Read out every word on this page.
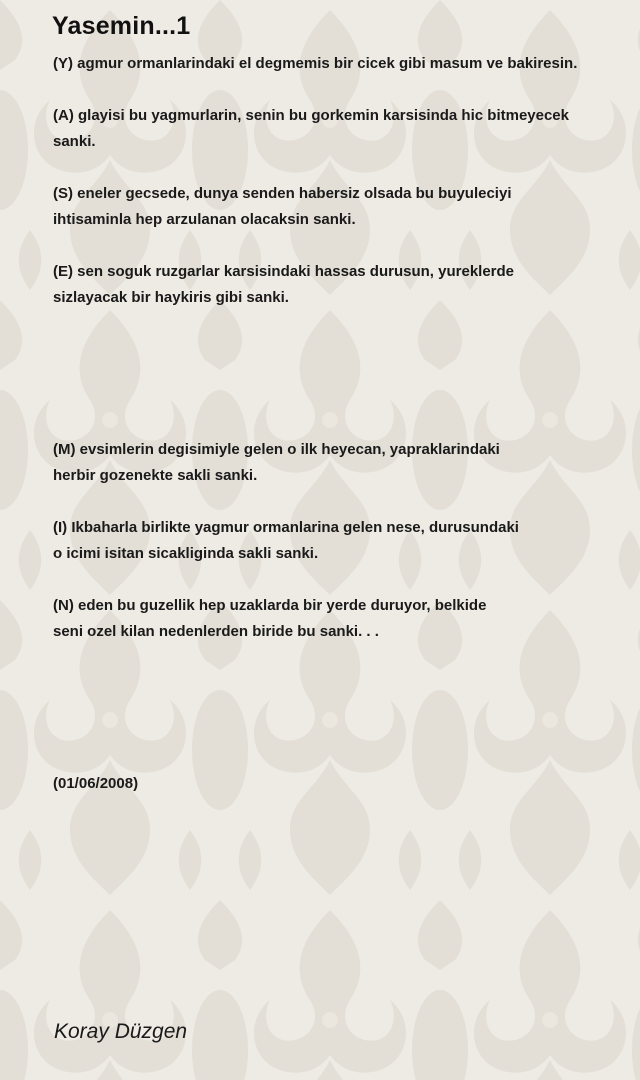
Yasemin...1

(Y) agmur ormanlarindaki el degmemis bir cicek gibi masum ve bakiresin.

(A) glayisi bu yagmurlarin, senin bu gorkemin karsisinda hic bitmeyecek

sanki.

(S) eneler gecsede, dunya senden habersiz olsada bu buyuleciyi

ihtisaminla hep arzulanan olacaksin sanki.

(E) sen soguk ruzgarlar karsisindaki hassas durusun, yureklerde

sizlayacak bir haykiris gibi sanki.

(M) evsimlerin degisimiyle gelen o ilk heyecan, yapraklarindaki

herbir gozenekte sakli sanki.

(I) Ikbaharla birlikte yagmur ormanlarina gelen nese, durusundaki

o icimi isitan sicakliginda sakli sanki.

(N) eden bu guzellik hep uzaklarda bir yerde duruyor, belkide

seni ozel kilan nedenlerden biride bu sanki. . .

(01/06/2008)

Koray Düzgen
